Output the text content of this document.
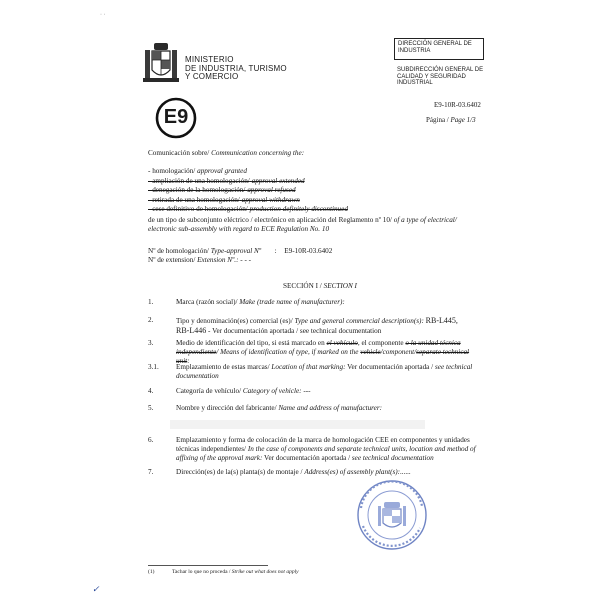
· ·
MINISTERIO
DE INDUSTRIA, TURISMO
Y COMERCIO
DIRECCIÓN GENERAL DE
INDUSTRIA
SUBDIRECCIÓN GENERAL DE
CALIDAD Y SEGURIDAD
INDUSTRIAL
E9-10R-03.6402
Página / Page 1/3
E9
Comunicación sobre/ Communication concerning the:
- homologación/ approval granted
- ampliación de una homologación/ approval extended
- denegación de la homologación/ approval refused
- retirada de una homologación/ approval withdrawn
- cese definitivo de homologación/ production definitely discontinued
de un tipo de subconjunto eléctrico / electrónico en aplicación del Reglamento nº 10/ of a type of electrical/
electronic sub-assembly with regard to ECE Regulation No. 10
Nº de homologación/ Type-approval Nº : E9-10R-03.6402
Nº de extension/ Extension Nº.: - - -
SECCIÓN I / SECTION I
1.	Marca (razón social)/ Make (trade name of manufacturer):
2.	Tipo y denominación(es) comercial (es)/ Type and general commercial description(s): RB-L445,
RB-L446 - Ver documentación aportada / see technical documentation
3.	Medio de identificación del tipo, si está marcado en el vehículo, el componente o la unidad técnica
independiente/ Means of identification of type, if marked on the vehicle/component/separate technical unit:
3.1. Emplazamiento de estas marcas/ Location of that marking: Ver documentación aportada / see technical
documentation
4.	Categoría de vehículo/ Category of vehicle: ---
5.	Nombre y dirección del fabricante/ Name and address of manufacturer:
6.	Emplazamiento y forma de colocación de la marca de homologación CEE en componentes y unidades
técnicas independientes/ In the case of components and separate technical units, location and method of
affixing of the approval mark: Ver documentación aportada / see technical documentation
7.	Dirección(es) de la(s) planta(s) de montaje / Address(es) of assembly plant(s):......
(1)	Tachar lo que no proceda / Strike out what does not apply
✓
